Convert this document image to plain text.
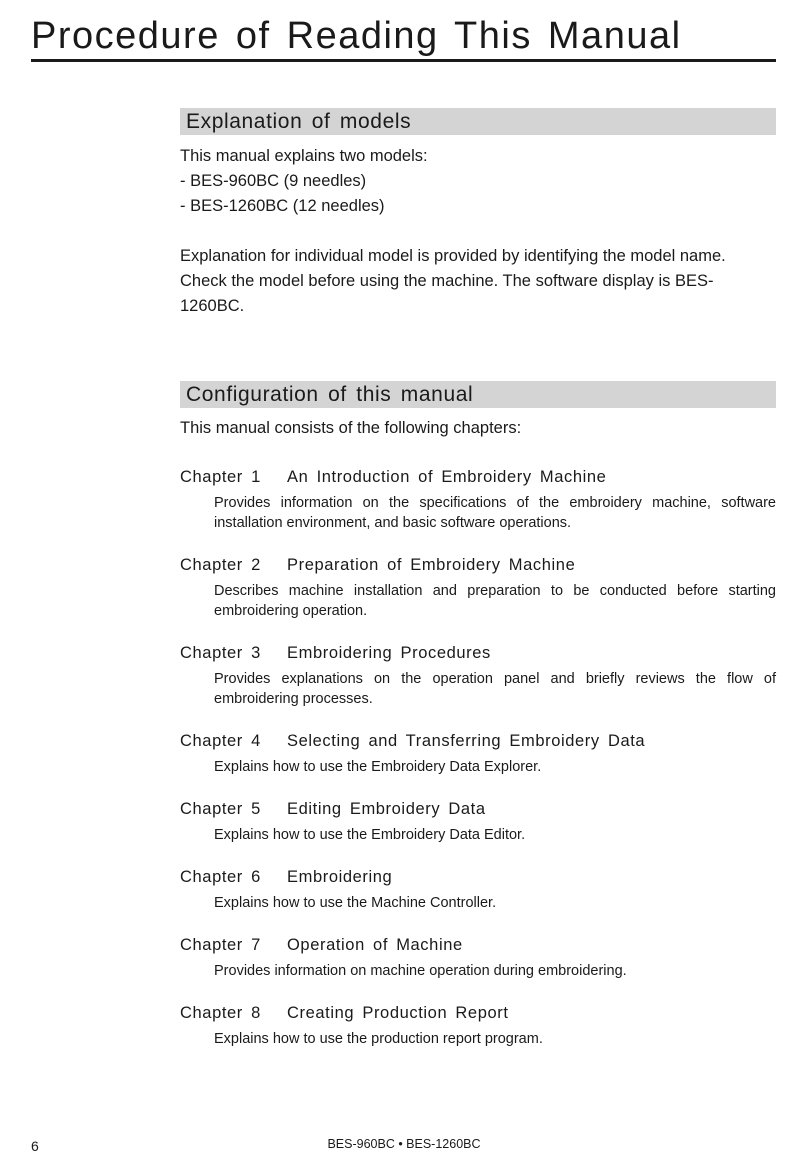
Procedure of Reading This Manual
Explanation of models

This manual explains two models:

- BES-960BC (9 needles)

- BES-1260BC (12 needles)

Explanation for individual model is provided by identifying the model name. Check the model before using the machine. The software display is BES-1260BC.

Configuration of this manual

This manual consists of the following chapters:

Chapter 1 An Introduction of Embroidery Machine

Provides information on the specifications of the embroidery machine, software installation environment, and basic software operations.

Chapter 2 Preparation of Embroidery Machine

Describes machine installation and preparation to be conducted before starting embroidering operation.

Chapter 3 Embroidering Procedures

Provides explanations on the operation panel and briefly reviews the flow of embroidering processes.

Chapter 4 Selecting and Transferring Embroidery Data

Explains how to use the Embroidery Data Explorer.

Chapter 5 Editing Embroidery Data

Explains how to use the Embroidery Data Editor.

Chapter 6 Embroidering

Explains how to use the Machine Controller.

Chapter 7 Operation of Machine

Provides information on machine operation during embroidering.

Chapter 8 Creating Production Report

Explains how to use the production report program.

6	BES-960BC • BES-1260BC
